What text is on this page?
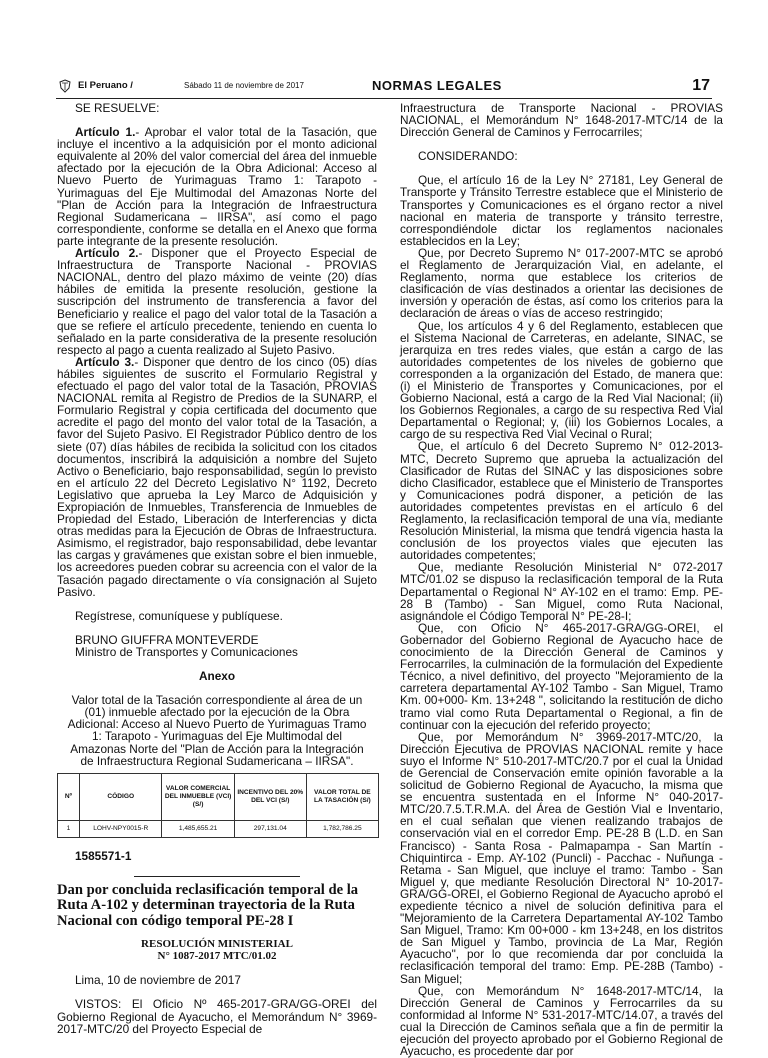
El Peruano /	Sábado 11 de noviembre de 2017	NORMAS LEGALES	17

SE RESUELVE:

Artículo 1.- Aprobar el valor total de la Tasación, que incluye el incentivo a la adquisición por el monto adicional equivalente al 20% del valor comercial del área del inmueble afectado por la ejecución de la Obra Adicional: Acceso al Nuevo Puerto de Yurimaguas Tramo 1: Tarapoto - Yurimaguas del Eje Multimodal del Amazonas Norte del "Plan de Acción para la Integración de Infraestructura Regional Sudamericana – IIRSA", así como el pago correspondiente, conforme se detalla en el Anexo que forma parte integrante de la presente resolución.

Artículo 2.- Disponer que el Proyecto Especial de Infraestructura de Transporte Nacional - PROVIAS NACIONAL, dentro del plazo máximo de veinte (20) días hábiles de emitida la presente resolución, gestione la suscripción del instrumento de transferencia a favor del Beneficiario y realice el pago del valor total de la Tasación a que se refiere el artículo precedente, teniendo en cuenta lo señalado en la parte considerativa de la presente resolución respecto al pago a cuenta realizado al Sujeto Pasivo.

Artículo 3.- Disponer que dentro de los cinco (05) días hábiles siguientes de suscrito el Formulario Registral y efectuado el pago del valor total de la Tasación, PROVIAS NACIONAL remita al Registro de Predios de la SUNARP, el Formulario Registral y copia certificada del documento que acredite el pago del monto del valor total de la Tasación, a favor del Sujeto Pasivo. El Registrador Público dentro de los siete (07) días hábiles de recibida la solicitud con los citados documentos, inscribirá la adquisición a nombre del Sujeto Activo o Beneficiario, bajo responsabilidad, según lo previsto en el artículo 22 del Decreto Legislativo N° 1192, Decreto Legislativo que aprueba la Ley Marco de Adquisición y Expropiación de Inmuebles, Transferencia de Inmuebles de Propiedad del Estado, Liberación de Interferencias y dicta otras medidas para la Ejecución de Obras de Infraestructura. Asimismo, el registrador, bajo responsabilidad, debe levantar las cargas y gravámenes que existan sobre el bien inmueble, los acreedores pueden cobrar su acreencia con el valor de la Tasación pagado directamente o vía consignación al Sujeto Pasivo.

Regístrese, comuníquese y publíquese.

BRUNO GIUFFRA MONTEVERDE

Ministro de Transportes y Comunicaciones

Anexo

Valor total de la Tasación correspondiente al área de un (01) inmueble afectado por la ejecución de la Obra Adicional: Acceso al Nuevo Puerto de Yurimaguas Tramo 1: Tarapoto - Yurimaguas del Eje Multimodal del Amazonas Norte del "Plan de Acción para la Integración de Infraestructura Regional Sudamericana – IIRSA".

Nº	CÓDIGO	VALOR COMERCIAL DEL INMUEBLE (VCI) (S/)	INCENTIVO DEL 20% DEL VCI (S/)	VALOR TOTAL DE LA TASACIÓN (S/)
1	LOHV-NPY0015-R	1,485,655.21	297,131.04	1,782,786.25

1585571-1

Dan por concluida reclasificación temporal de la Ruta A-102 y determinan trayectoria de la Ruta Nacional con código temporal PE-28 I

RESOLUCIÓN MINISTERIAL

N° 1087-2017 MTC/01.02

Lima, 10 de noviembre de 2017

VISTOS: El Oficio Nº 465-2017-GRA/GG-OREI del Gobierno Regional de Ayacucho, el Memorándum N° 3969-2017-MTC/20 del Proyecto Especial de

Infraestructura de Transporte Nacional - PROVIAS NACIONAL, el Memorándum N° 1648-2017-MTC/14 de la Dirección General de Caminos y Ferrocarriles;

CONSIDERANDO:

Que, el artículo 16 de la Ley N° 27181, Ley General de Transporte y Tránsito Terrestre establece que el Ministerio de Transportes y Comunicaciones es el órgano rector a nivel nacional en materia de transporte y tránsito terrestre, correspondiéndole dictar los reglamentos nacionales establecidos en la Ley;

Que, por Decreto Supremo N° 017-2007-MTC se aprobó el Reglamento de Jerarquización Vial, en adelante, el Reglamento, norma que establece los criterios de clasificación de vías destinados a orientar las decisiones de inversión y operación de éstas, así como los criterios para la declaración de áreas o vías de acceso restringido;

Que, los artículos 4 y 6 del Reglamento, establecen que el Sistema Nacional de Carreteras, en adelante, SINAC, se jerarquiza en tres redes viales, que están a cargo de las autoridades competentes de los niveles de gobierno que corresponden a la organización del Estado, de manera que: (i) el Ministerio de Transportes y Comunicaciones, por el Gobierno Nacional, está a cargo de la Red Vial Nacional; (ii) los Gobiernos Regionales, a cargo de su respectiva Red Vial Departamental o Regional; y, (iii) los Gobiernos Locales, a cargo de su respectiva Red Vial Vecinal o Rural;

Que, el artículo 6 del Decreto Supremo N° 012-2013-MTC, Decreto Supremo que aprueba la actualización del Clasificador de Rutas del SINAC y las disposiciones sobre dicho Clasificador, establece que el Ministerio de Transportes y Comunicaciones podrá disponer, a petición de las autoridades competentes previstas en el artículo 6 del Reglamento, la reclasificación temporal de una vía, mediante Resolución Ministerial, la misma que tendrá vigencia hasta la conclusión de los proyectos viales que ejecuten las autoridades competentes;

Que, mediante Resolución Ministerial N° 072-2017 MTC/01.02 se dispuso la reclasificación temporal de la Ruta Departamental o Regional N° AY-102 en el tramo: Emp. PE-28 B (Tambo) - San Miguel, como Ruta Nacional, asignándole el Código Temporal N° PE-28-I;

Que, con Oficio N° 465-2017-GRA/GG-OREI, el Gobernador del Gobierno Regional de Ayacucho hace de conocimiento de la Dirección General de Caminos y Ferrocarriles, la culminación de la formulación del Expediente Técnico, a nivel definitivo, del proyecto "Mejoramiento de la carretera departamental AY-102 Tambo - San Miguel, Tramo Km. 00+000- Km. 13+248 ", solicitando la restitución de dicho tramo vial como Ruta Departamental o Regional, a fin de continuar con la ejecución del referido proyecto;

Que, por Memorándum N° 3969-2017-MTC/20, la Dirección Ejecutiva de PROVIAS NACIONAL remite y hace suyo el Informe N° 510-2017-MTC/20.7 por el cual la Unidad de Gerencial de Conservación emite opinión favorable a la solicitud de Gobierno Regional de Ayacucho, la misma que se encuentra sustentada en el Informe N° 040-2017-MTC/20.7.5.T.R.M.A. del Área de Gestión Vial e Inventario, en el cual señalan que vienen realizando trabajos de conservación vial en el corredor Emp. PE-28 B (L.D. en San Francisco) - Santa Rosa - Palmapampa - San Martín - Chiquintirca - Emp. AY-102 (Puncli) - Pacchac - Nuñunga - Retama - San Miguel, que incluye el tramo: Tambo - San Miguel y, que mediante Resolución Directoral N° 10-2017-GRA/GG-OREI, el Gobierno Regional de Ayacucho aprobó el expediente técnico a nivel de solución definitiva para el "Mejoramiento de la Carretera Departamental AY-102 Tambo San Miguel, Tramo: Km 00+000 - km 13+248, en los distritos de San Miguel y Tambo, provincia de La Mar, Región Ayacucho", por lo que recomienda dar por concluida la reclasificación temporal del tramo: Emp. PE-28B (Tambo) - San Miguel;

Que, con Memorándum N° 1648-2017-MTC/14, la Dirección General de Caminos y Ferrocarriles da su conformidad al Informe N° 531-2017-MTC/14.07, a través del cual la Dirección de Caminos señala que a fin de permitir la ejecución del proyecto aprobado por el Gobierno Regional de Ayacucho, es procedente dar por
